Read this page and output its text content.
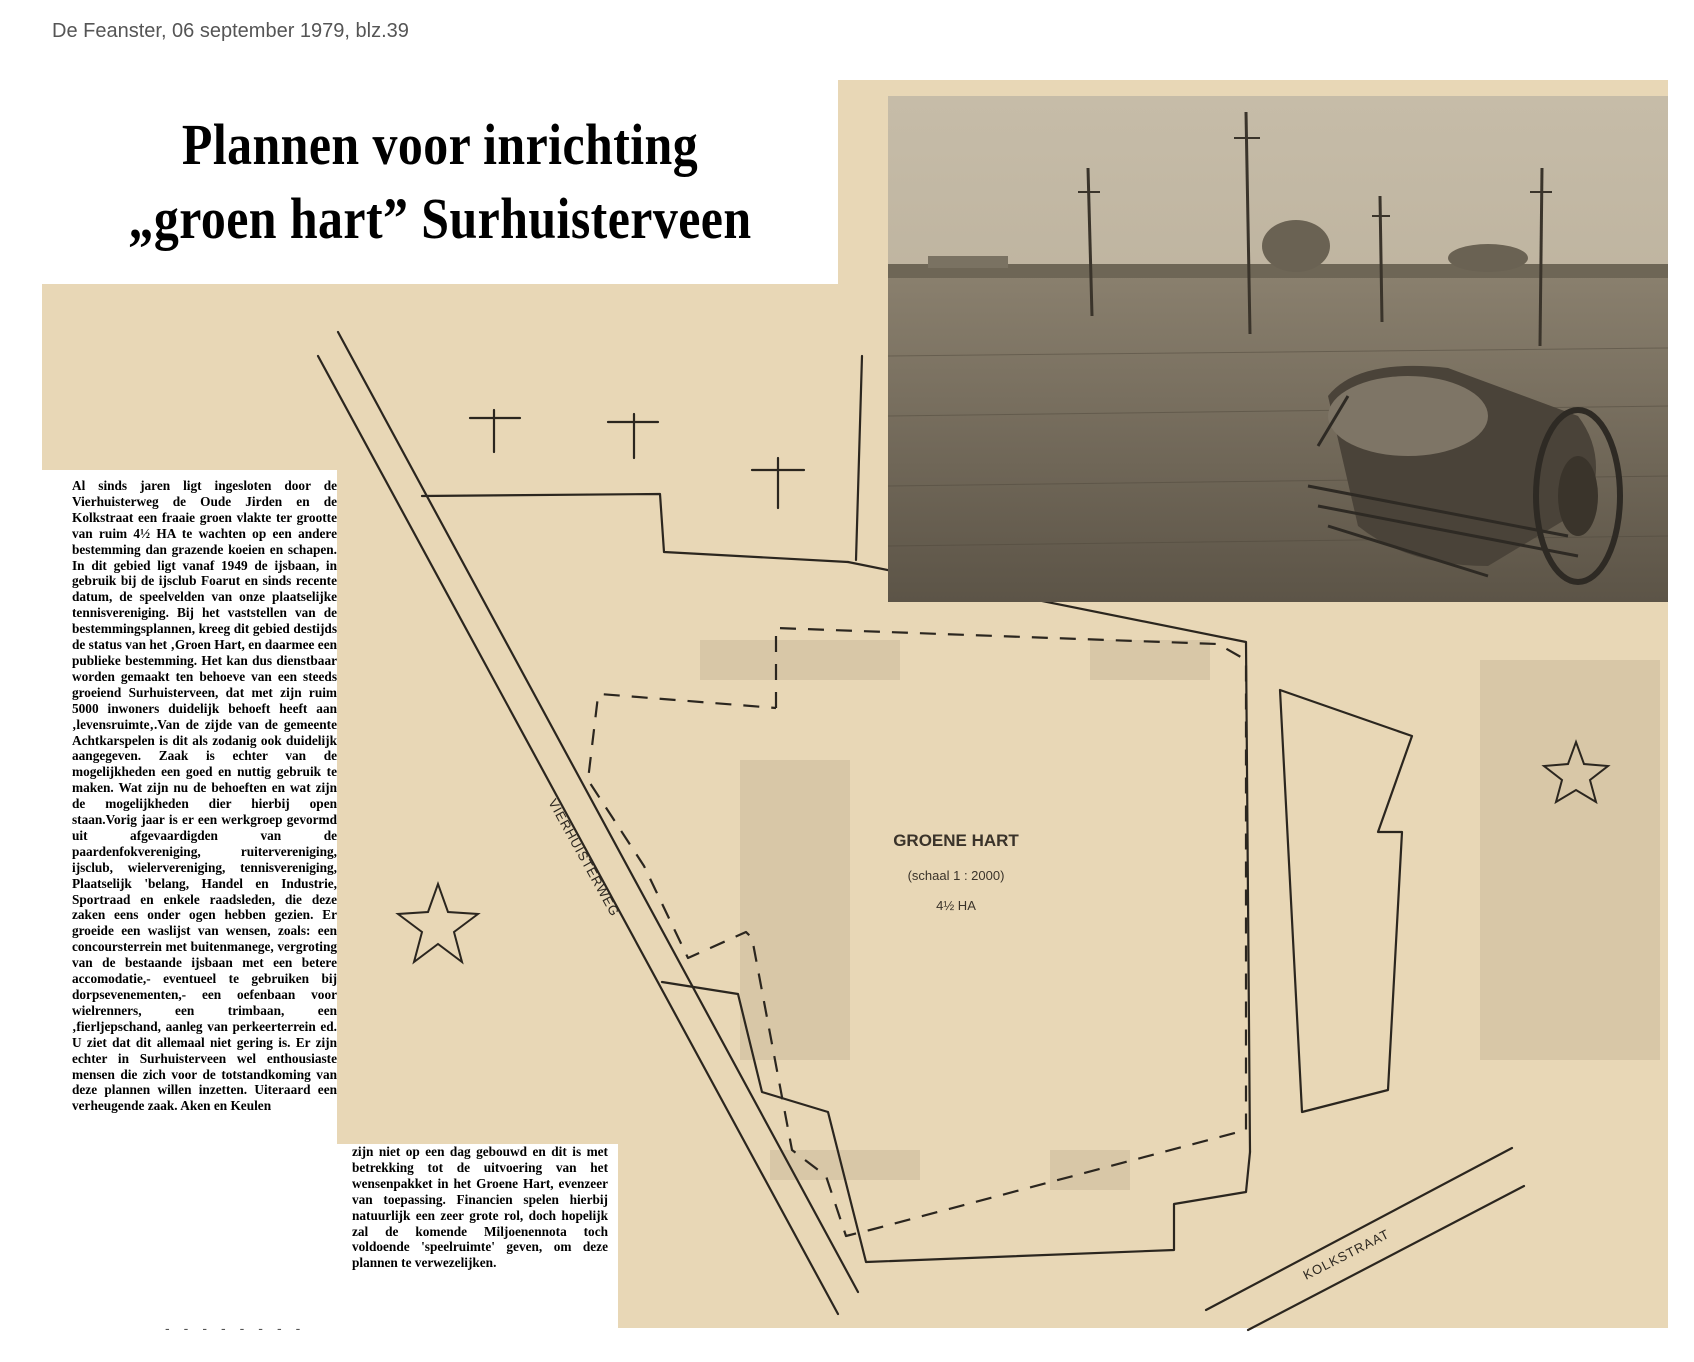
De Feanster, 06 september 1979, blz.39
GROENE HART
(schaal 1 : 2000)
4½ HA
VIERHUISTERWEG
KOLKSTRAAT
Plannen voor inrichting
„groen hart” Surhuisterveen
Al sinds jaren ligt ingesloten door de Vierhuisterweg de Oude Jirden en de Kolkstraat een fraaie groen vlakte ter grootte van ruim 4½ HA te wachten op een andere bestemming dan grazende koeien en schapen. In dit gebied ligt vanaf 1949 de ijsbaan, in gebruik bij de ijsclub Foarut en sinds recente datum, de speelvelden van onze plaatselijke tennisvereniging. Bij het vaststellen van de bestemmingsplannen, kreeg dit gebied destijds de status van het ‚Groen Hart, en daarmee een publieke bestemming. Het kan dus dienstbaar worden gemaakt ten behoeve van een steeds groeiend Surhuisterveen, dat met zijn ruim 5000 inwoners duidelijk behoeft heeft aan ‚levensruimte‚.Van de zijde van de gemeente Achtkarspelen is dit als zodanig ook duidelijk aangegeven. Zaak is echter van de mogelijkheden een goed en nuttig gebruik te maken. Wat zijn nu de behoeften en wat zijn de mogelijkheden dier hierbij open staan.Vorig jaar is er een werkgroep gevormd uit afgevaardigden van de paardenfokvereniging, ruitervereniging, ijsclub, wielervereniging, tennisvereniging, Plaatselijk 'belang, Handel en Industrie, Sportraad en enkele raadsleden, die deze zaken eens onder ogen hebben gezien. Er groeide een waslijst van wensen, zoals: een concoursterrein met buitenmanege, vergroting van de bestaande ijsbaan met een betere accomodatie,- eventueel te gebruiken bij dorpsevenementen,- een oefenbaan voor wielrenners, een trimbaan, een ‚fierljepschand, aanleg van perkeerterrein ed. U ziet dat dit allemaal niet gering is. Er zijn echter in Surhuisterveen wel enthousiaste mensen die zich voor de totstandkoming van deze plannen willen inzetten. Uiteraard een verheugende zaak. Aken en Keulen
zijn niet op een dag gebouwd en dit is met betrekking tot de uitvoering van het wensenpakket in het Groene Hart, evenzeer van toepassing. Financien spelen hierbij natuurlijk een zeer grote rol, doch hopelijk zal de komende Miljoenennota toch voldoende 'speelruimte' geven, om deze plannen te verwezelijken.
--------
